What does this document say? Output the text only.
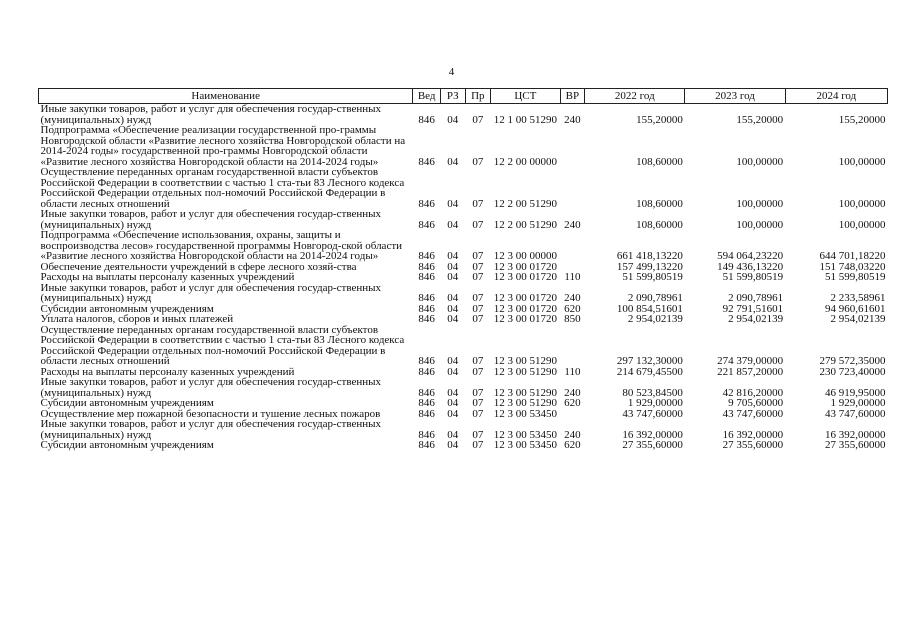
4
Наименование	Вед	РЗ	Пр	ЦСТ	ВР	2022 год	2023 год	2024 год
Иные закупки товаров, работ и услуг для обеспечения государ-ственных (муниципальных) нужд	846	04	07	12 1 00 51290	240	155,20000	155,20000	155,20000
Подпрограмма «Обеспечение реализации государственной про-граммы Новгородской области «Развитие лесного хозяйства Новгородской области на 2014-2024 годы» государственной про-граммы Новгородской области «Развитие лесного хозяйства Новгородской области на 2014-2024 годы»	846	04	07	12 2 00 00000		108,60000	100,00000	100,00000
Осуществление переданных органам государственной власти субъектов Российской Федерации в соответствии с частью 1 ста-тьи 83 Лесного кодекса Российской Федерации отдельных пол-номочий Российской Федерации в области лесных отношений	846	04	07	12 2 00 51290		108,60000	100,00000	100,00000
Иные закупки товаров, работ и услуг для обеспечения государ-ственных (муниципальных) нужд	846	04	07	12 2 00 51290	240	108,60000	100,00000	100,00000
Подпрограмма «Обеспечение использования, охраны, защиты и воспроизводства лесов» государственной программы Новгород-ской области «Развитие лесного хозяйства Новгородской области на 2014-2024 годы»	846	04	07	12 3 00 00000		661 418,13220	594 064,23220	644 701,18220
Обеспечение деятельности учреждений в сфере лесного хозяй-ства	846	04	07	12 3 00 01720		157 499,13220	149 436,13220	151 748,03220
Расходы на выплаты персоналу казенных учреждений	846	04	07	12 3 00 01720	110	51 599,80519	51 599,80519	51 599,80519
Иные закупки товаров, работ и услуг для обеспечения государ-ственных (муниципальных) нужд	846	04	07	12 3 00 01720	240	2 090,78961	2 090,78961	2 233,58961
Субсидии автономным учреждениям	846	04	07	12 3 00 01720	620	100 854,51601	92 791,51601	94 960,61601
Уплата налогов, сборов и иных платежей	846	04	07	12 3 00 01720	850	2 954,02139	2 954,02139	2 954,02139
Осуществление переданных органам государственной власти субъектов Российской Федерации в соответствии с частью 1 ста-тьи 83 Лесного кодекса Российской Федерации отдельных пол-номочий Российской Федерации в области лесных отношений	846	04	07	12 3 00 51290		297 132,30000	274 379,00000	279 572,35000
Расходы на выплаты персоналу казенных учреждений	846	04	07	12 3 00 51290	110	214 679,45500	221 857,20000	230 723,40000
Иные закупки товаров, работ и услуг для обеспечения государ-ственных (муниципальных) нужд	846	04	07	12 3 00 51290	240	80 523,84500	42 816,20000	46 919,95000
Субсидии автономным учреждениям	846	04	07	12 3 00 51290	620	1 929,00000	9 705,60000	1 929,00000
Осуществление мер пожарной безопасности и тушение лесных пожаров	846	04	07	12 3 00 53450		43 747,60000	43 747,60000	43 747,60000
Иные закупки товаров, работ и услуг для обеспечения государ-ственных (муниципальных) нужд	846	04	07	12 3 00 53450	240	16 392,00000	16 392,00000	16 392,00000
Субсидии автономным учреждениям	846	04	07	12 3 00 53450	620	27 355,60000	27 355,60000	27 355,60000
